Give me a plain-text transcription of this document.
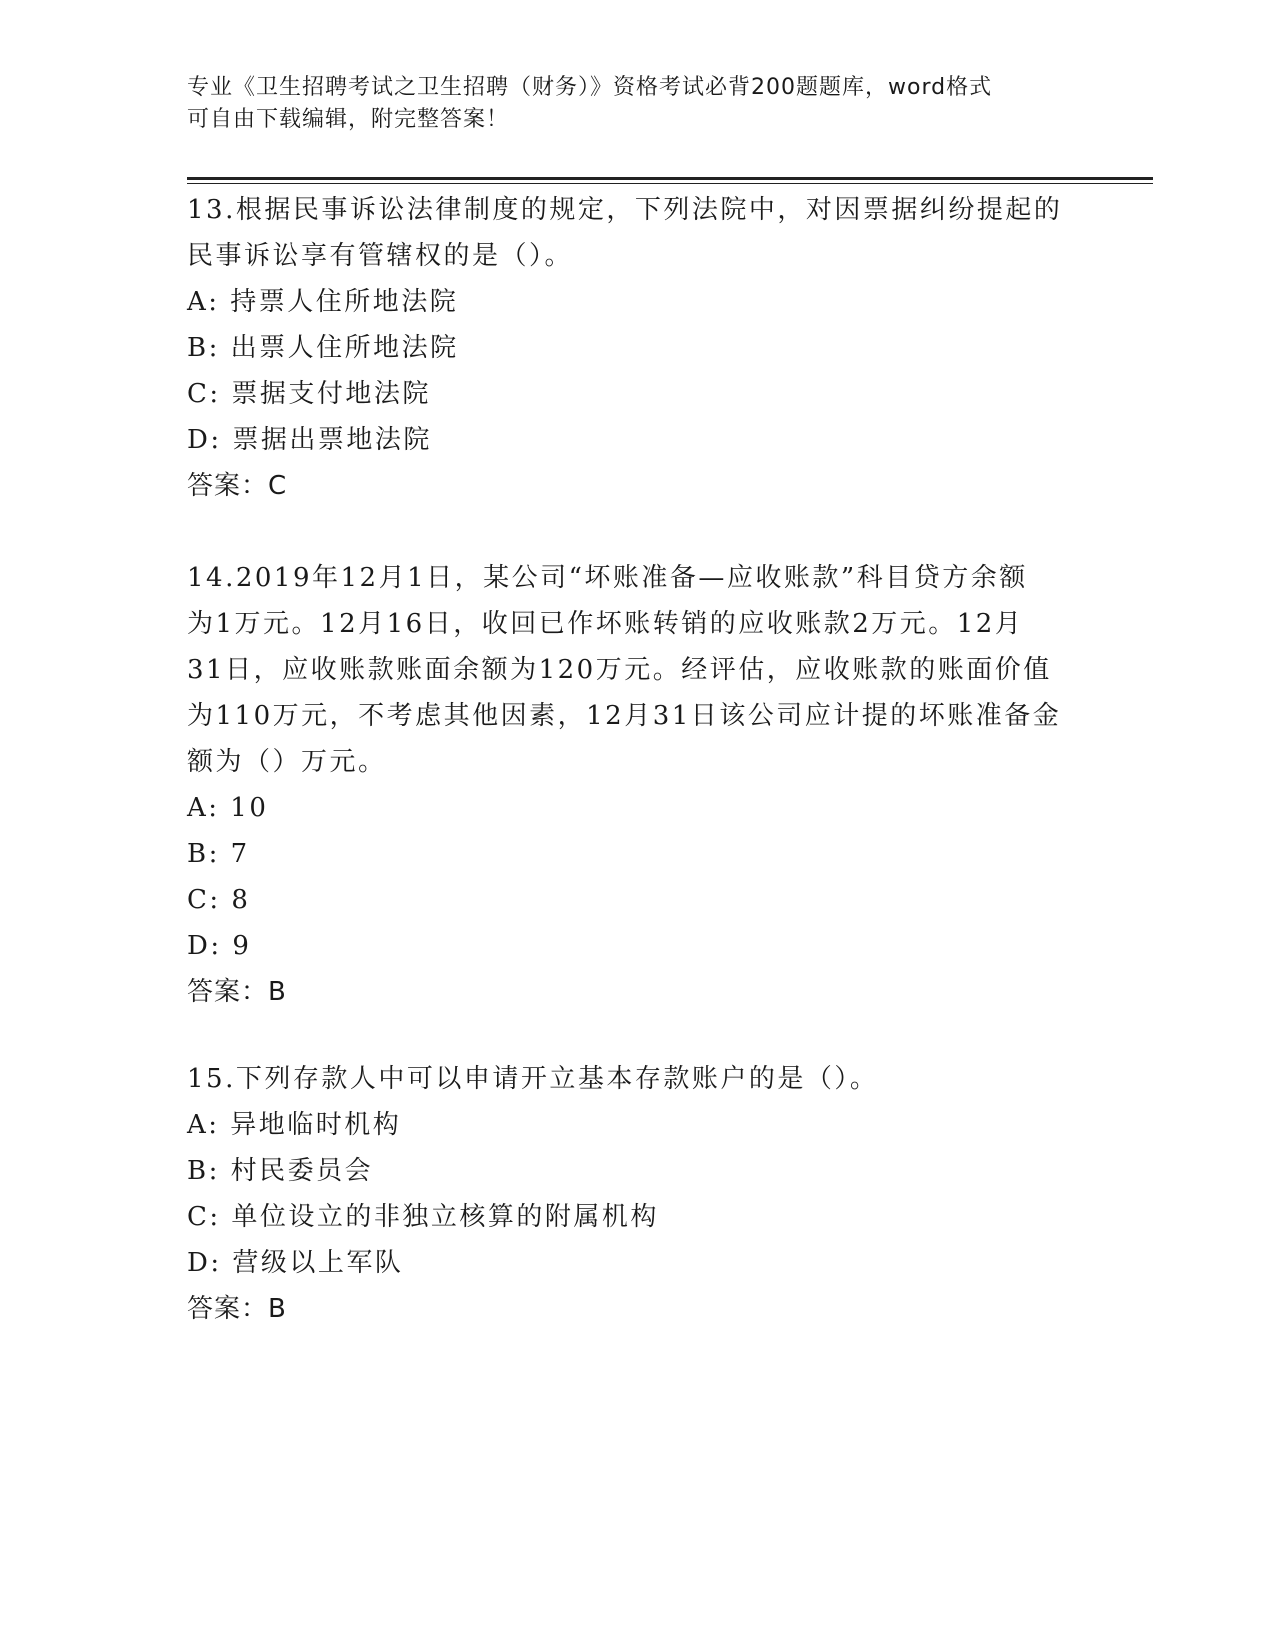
专业《卫生招聘考试之卫生招聘（财务）》资格考试必背200题题库，word格式

可自由下载编辑，附完整答案！

13.根据民事诉讼法律制度的规定，下列法院中，对因票据纠纷提起的

民事诉讼享有管辖权的是（）。

A: 持票人住所地法院

B: 出票人住所地法院

C: 票据支付地法院

D: 票据出票地法院

答案：C

14.2019年12月1日，某公司“坏账准备—应收账款”科目贷方余额

为1万元。12月16日，收回已作坏账转销的应收账款2万元。12月

31日，应收账款账面余额为120万元。经评估，应收账款的账面价值

为110万元，不考虑其他因素，12月31日该公司应计提的坏账准备金

额为（）万元。

A: 10

B: 7

C: 8

D: 9

答案：B

15.下列存款人中可以申请开立基本存款账户的是（）。

A: 异地临时机构

B: 村民委员会

C: 单位设立的非独立核算的附属机构

D: 营级以上军队

答案：B
